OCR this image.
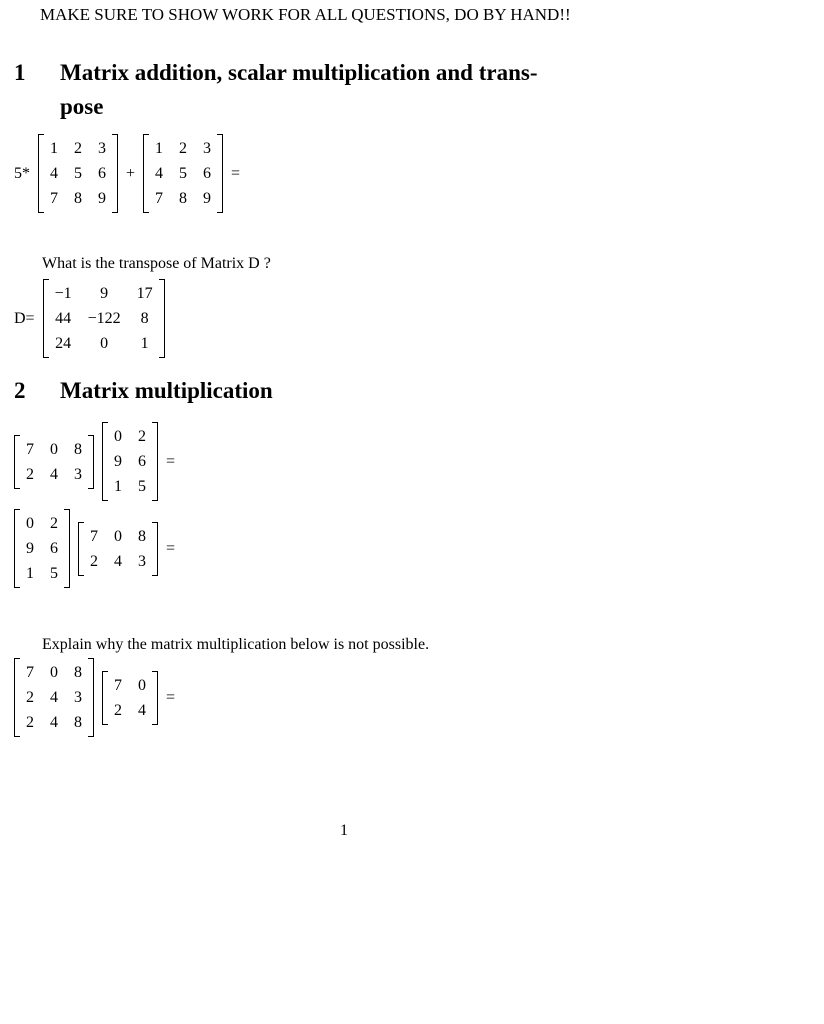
MAKE SURE TO SHOW WORK FOR ALL QUESTIONS, DO BY HAND!!
1	Matrix addition, scalar multiplication and trans-
pose
5*
1 2 3
4 5 6
7 8 9
+
1 2 3
4 5 6
7 8 9
=
What is the transpose of Matrix D ?
D=
−1	9	17
44 −122 8
24	0	1
2	Matrix multiplication
7 0 8
2 4 3
0 2
9 6
1 5
=
0 2
9 6
1 5
7 0 8
2 4 3
=
Explain why the matrix multiplication below is not possible.
7 0 8
2 4 3
2 4 8
7 0
2 4
=
1
